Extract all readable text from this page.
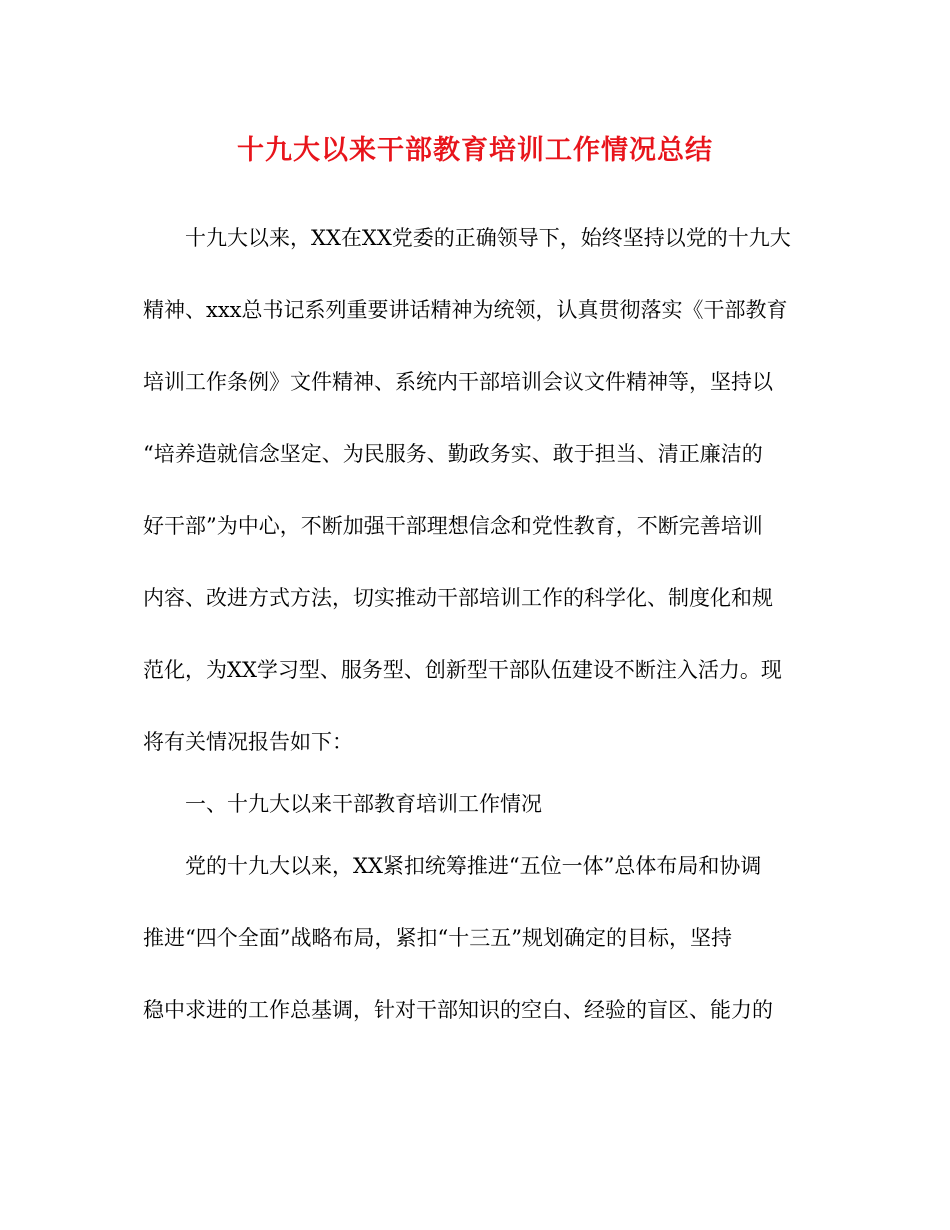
十九大以来干部教育培训工作情况总结
十九大以来，XX在XX党委的正确领导下，始终坚持以党的十九大
精神、xxx总书记系列重要讲话精神为统领，认真贯彻落实《干部教育
培训工作条例》文件精神、系统内干部培训会议文件精神等，坚持以
“培养造就信念坚定、为民服务、勤政务实、敢于担当、清正廉洁的
好干部”为中心，不断加强干部理想信念和党性教育，不断完善培训
内容、改进方式方法，切实推动干部培训工作的科学化、制度化和规
范化，为XX学习型、服务型、创新型干部队伍建设不断注入活力。现
将有关情况报告如下：
一、十九大以来干部教育培训工作情况
党的十九大以来，XX紧扣统筹推进“五位一体”总体布局和协调
推进“四个全面”战略布局，紧扣“十三五”规划确定的目标，坚持
稳中求进的工作总基调，针对干部知识的空白、经验的盲区、能力的
